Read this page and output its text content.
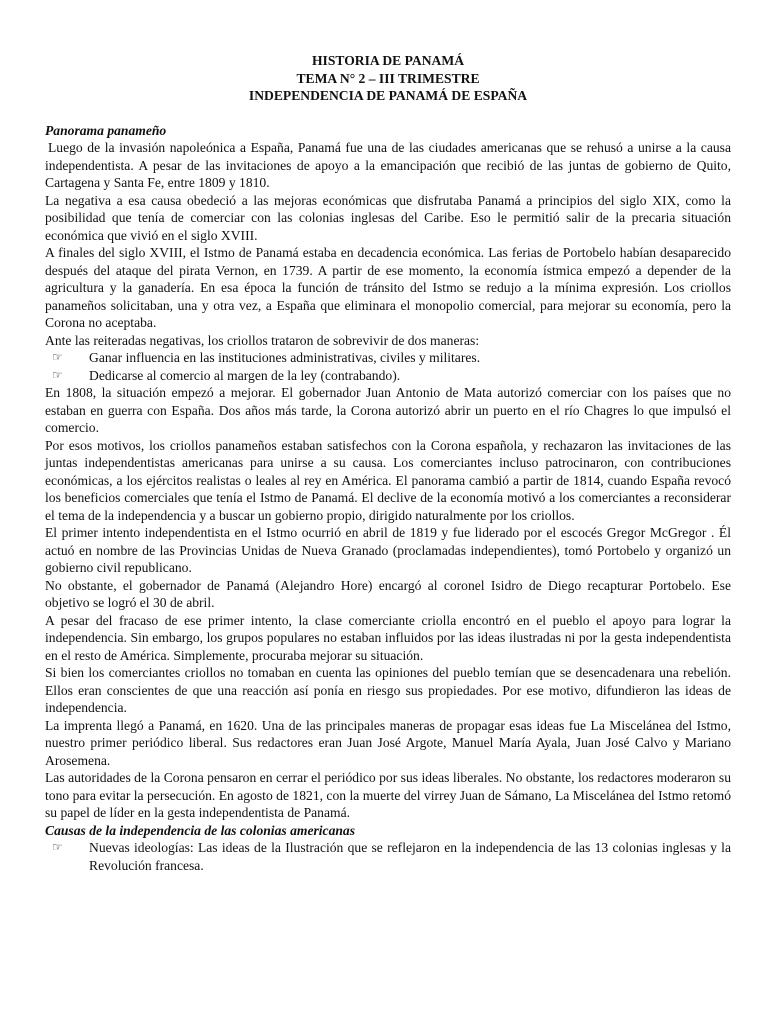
HISTORIA DE PANAMÁ
TEMA N° 2 – III TRIMESTRE
INDEPENDENCIA DE PANAMÁ DE ESPAÑA
Panorama panameño

Luego de la invasión napoleónica a España, Panamá fue una de las ciudades americanas que se rehusó a unirse a la causa independentista. A pesar de las invitaciones de apoyo a la emancipación que recibió de las juntas de gobierno de Quito, Cartagena y Santa Fe, entre 1809 y 1810.

La negativa a esa causa obedeció a las mejoras económicas que disfrutaba Panamá a principios del siglo XIX, como la posibilidad que tenía de comerciar con las colonias inglesas del Caribe. Eso le permitió salir de la precaria situación económica que vivió en el siglo XVIII.

A finales del siglo XVIII, el Istmo de Panamá estaba en decadencia económica. Las ferias de Portobelo habían desaparecido después del ataque del pirata Vernon, en 1739. A partir de ese momento, la economía ístmica empezó a depender de la agricultura y la ganadería. En esa época la función de tránsito del Istmo se redujo a la mínima expresión. Los criollos panameños solicitaban, una y otra vez, a España que eliminara el monopolio comercial, para mejorar su economía, pero la Corona no aceptaba.

Ante las reiteradas negativas, los criollos trataron de sobrevivir de dos maneras:

☞	Ganar influencia en las instituciones administrativas, civiles y militares.
☞	Dedicarse al comercio al margen de la ley (contrabando).

En 1808, la situación empezó a mejorar. El gobernador Juan Antonio de Mata autorizó comerciar con los países que no estaban en guerra con España. Dos años más tarde, la Corona autorizó abrir un puerto en el río Chagres lo que impulsó el comercio.

Por esos motivos, los criollos panameños estaban satisfechos con la Corona española, y rechazaron las invitaciones de las juntas independentistas americanas para unirse a su causa. Los comerciantes incluso patrocinaron, con contribuciones económicas, a los ejércitos realistas o leales al rey en América. El panorama cambió a partir de 1814, cuando España revocó los beneficios comerciales que tenía el Istmo de Panamá. El declive de la economía motivó a los comerciantes a reconsiderar el tema de la independencia y a buscar un gobierno propio, dirigido naturalmente por los criollos.

El primer intento independentista en el Istmo ocurrió en abril de 1819 y fue liderado por el escocés Gregor McGregor . Él actuó en nombre de las Provincias Unidas de Nueva Granado (proclamadas independientes), tomó Portobelo y organizó un gobierno civil republicano.

No obstante, el gobernador de Panamá (Alejandro Hore) encargó al coronel Isidro de Diego recapturar Portobelo. Ese objetivo se logró el 30 de abril.

A pesar del fracaso de ese primer intento, la clase comerciante criolla encontró en el pueblo el apoyo para lograr la independencia. Sin embargo, los grupos populares no estaban influidos por las ideas ilustradas ni por la gesta independentista en el resto de América. Simplemente, procuraba mejorar su situación.

Si bien los comerciantes criollos no tomaban en cuenta las opiniones del pueblo temían que se desencadenara una rebelión. Ellos eran conscientes de que una reacción así ponía en riesgo sus propiedades. Por ese motivo, difundieron las ideas de independencia.

La imprenta llegó a Panamá, en 1620. Una de las principales maneras de propagar esas ideas fue La Miscelánea del Istmo, nuestro primer periódico liberal. Sus redactores eran Juan José Argote, Manuel María Ayala, Juan José Calvo y Mariano Arosemena.

Las autoridades de la Corona pensaron en cerrar el periódico por sus ideas liberales. No obstante, los redactores moderaron su tono para evitar la persecución. En agosto de 1821, con la muerte del virrey Juan de Sámano, La Miscelánea del Istmo retomó su papel de líder en la gesta independentista de Panamá.

Causas de la independencia de las colonias americanas
☞	Nuevas ideologías: Las ideas de la Ilustración que se reflejaron en la independencia de las 13 colonias inglesas y la Revolución francesa.
